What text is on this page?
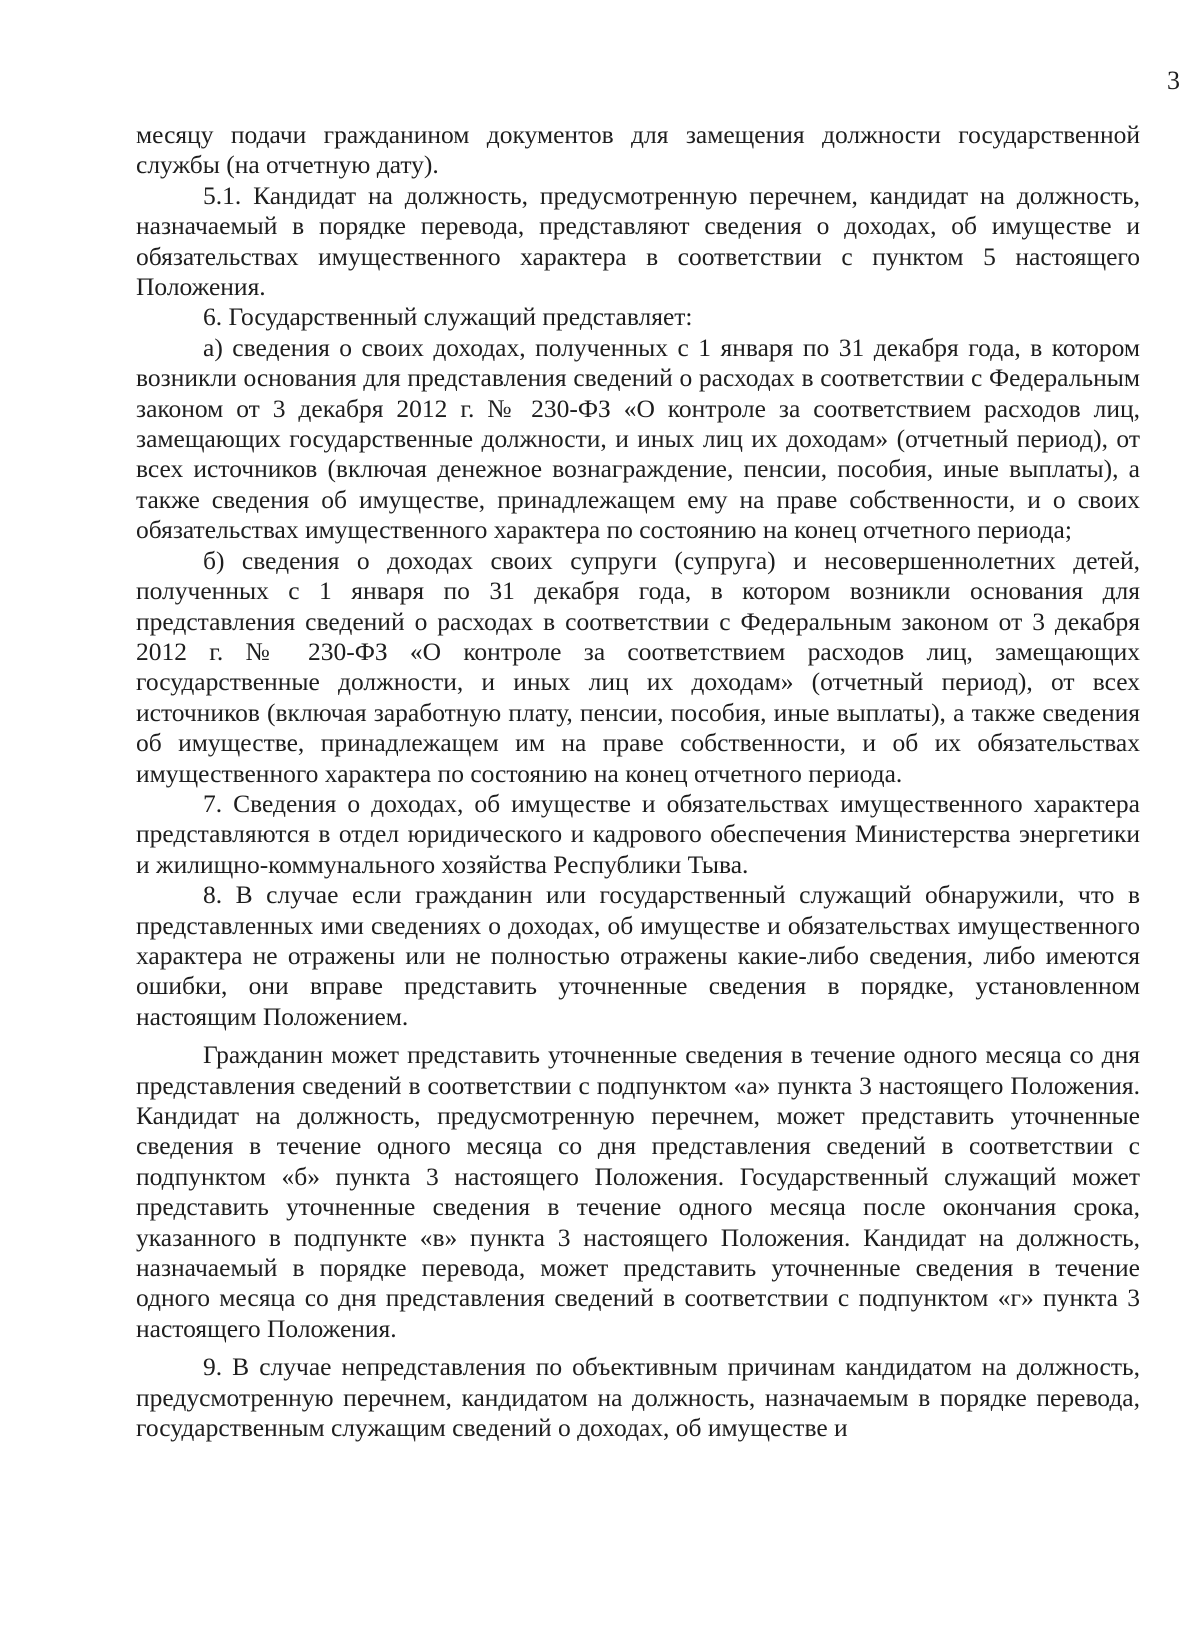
3

месяцу подачи гражданином документов для замещения должности государственной службы (на отчетную дату).

5.1. Кандидат на должность, предусмотренную перечнем, кандидат на должность, назначаемый в порядке перевода, представляют сведения о доходах, об имуществе и обязательствах имущественного характера в соответствии с пунктом 5 настоящего Положения.

6. Государственный служащий представляет:

а) сведения о своих доходах, полученных с 1 января по 31 декабря года, в котором возникли основания для представления сведений о расходах в соответствии с Федеральным законом от 3 декабря 2012 г. № 230-ФЗ «О контроле за соответствием расходов лиц, замещающих государственные должности, и иных лиц их доходам» (отчетный период), от всех источников (включая денежное вознаграждение, пенсии, пособия, иные выплаты), а также сведения об имуществе, принадлежащем ему на праве собственности, и о своих обязательствах имущественного характера по состоянию на конец отчетного периода;

б) сведения о доходах своих супруги (супруга) и несовершеннолетних детей, полученных с 1 января по 31 декабря года, в котором возникли основания для представления сведений о расходах в соответствии с Федеральным законом от 3 декабря 2012 г. № 230-ФЗ «О контроле за соответствием расходов лиц, замещающих государственные должности, и иных лиц их доходам» (отчетный период), от всех источников (включая заработную плату, пенсии, пособия, иные выплаты), а также сведения об имуществе, принадлежащем им на праве собственности, и об их обязательствах имущественного характера по состоянию на конец отчетного периода.

7. Сведения о доходах, об имуществе и обязательствах имущественного характера представляются в отдел юридического и кадрового обеспечения Министерства энергетики и жилищно-коммунального хозяйства Республики Тыва.

8. В случае если гражданин или государственный служащий обнаружили, что в представленных ими сведениях о доходах, об имуществе и обязательствах имущественного характера не отражены или не полностью отражены какие-либо сведения, либо имеются ошибки, они вправе представить уточненные сведения в порядке, установленном настоящим Положением.

Гражданин может представить уточненные сведения в течение одного месяца со дня представления сведений в соответствии с подпунктом «а» пункта 3 настоящего Положения. Кандидат на должность, предусмотренную перечнем, может представить уточненные сведения в течение одного месяца со дня представления сведений в соответствии с подпунктом «б» пункта 3 настоящего Положения. Государственный служащий может представить уточненные сведения в течение одного месяца после окончания срока, указанного в подпункте «в» пункта 3 настоящего Положения. Кандидат на должность, назначаемый в порядке перевода, может представить уточненные сведения в течение одного месяца со дня представления сведений в соответствии с подпунктом «г» пункта 3 настоящего Положения.

9. В случае непредставления по объективным причинам кандидатом на должность, предусмотренную перечнем, кандидатом на должность, назначаемым в порядке перевода, государственным служащим сведений о доходах, об имуществе и
